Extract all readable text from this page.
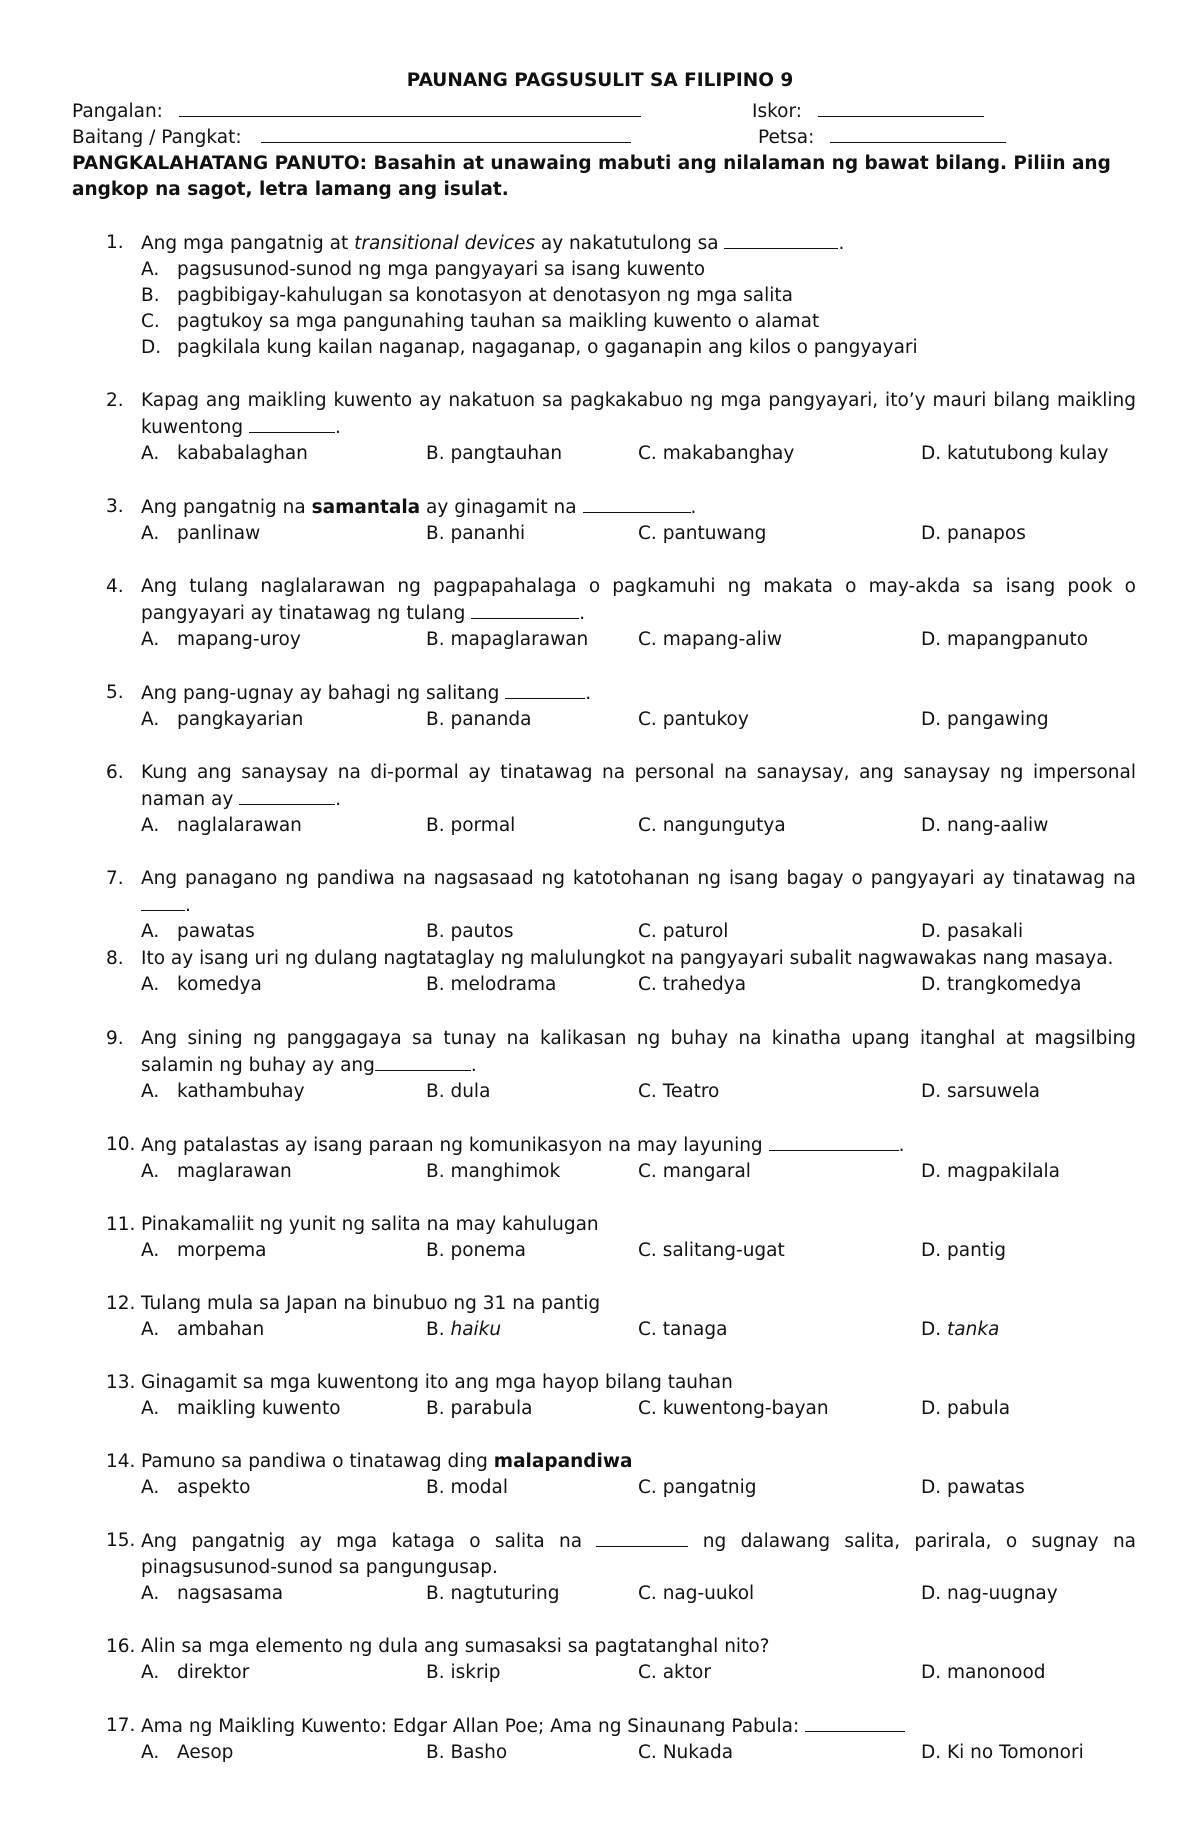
PAUNANG PAGSUSULIT SA FILIPINO 9
Pangalan:	Iskor:
Baitang / Pangkat:	Petsa:
PANGKALAHATANG PANUTO: Basahin at unawaing mabuti ang nilalaman ng bawat bilang. Piliin ang angkop na sagot, letra lamang ang isulat.
1. Ang mga pangatnig at transitional devices ay nakatutulong sa	.
A. pagsusunod-sunod ng mga pangyayari sa isang kuwento
B. pagbibigay-kahulugan sa konotasyon at denotasyon ng mga salita
C. pagtukoy sa mga pangunahing tauhan sa maikling kuwento o alamat
D. pagkilala kung kailan naganap, nagaganap, o gaganapin ang kilos o pangyayari
2. Kapag ang maikling kuwento ay nakatuon sa pagkakabuo ng mga pangyayari, ito’y mauri bilang maikling kuwentong	.
A. kababalaghan	B. pangtauhan	C. makabanghay	D. katutubong kulay
3. Ang pangatnig na samantala ay ginagamit na	.
A. panlinaw	B. pananhi	C. pantuwang	D. panapos
4. Ang tulang naglalarawan ng pagpapahalaga o pagkamuhi ng makata o may-akda sa isang pook o pangyayari ay tinatawag ng tulang	.
A. mapang-uroy	B. mapaglarawan	C. mapang-aliw	D. mapangpanuto
5. Ang pang-ugnay ay bahagi ng salitang	.
A. pangkayarian	B. pananda	C. pantukoy	D. pangawing
6. Kung ang sanaysay na di-pormal ay tinatawag na personal na sanaysay, ang sanaysay ng impersonal naman ay	.
A. naglalarawan	B. pormal	C. nangungutya	D. nang-aaliw
7. Ang panagano ng pandiwa na nagsasaad ng katotohanan ng isang bagay o pangyayari ay tinatawag na .
A. pawatas	B. pautos	C. paturol	D. pasakali
8. Ito ay isang uri ng dulang nagtataglay ng malulungkot na pangyayari subalit nagwawakas nang masaya.
A. komedya	B. melodrama	C. trahedya	D. trangkomedya
9. Ang sining ng panggagaya sa tunay na kalikasan ng buhay na kinatha upang itanghal at magsilbing salamin ng buhay ay ang	.
A. kathambuhay	B. dula	C. Teatro	D. sarsuwela
10. Ang patalastas ay isang paraan ng komunikasyon na may layuning	.
A. maglarawan	B. manghimok	C. mangaral	D. magpakilala
11. Pinakamaliit ng yunit ng salita na may kahulugan
A. morpema	B. ponema	C. salitang-ugat	D. pantig
12. Tulang mula sa Japan na binubuo ng 31 na pantig
A. ambahan	B. haiku	C. tanaga	D. tanka
13. Ginagamit sa mga kuwentong ito ang mga hayop bilang tauhan
A. maikling kuwento	B. parabula	C. kuwentong-bayan	D. pabula
14. Pamuno sa pandiwa o tinatawag ding malapandiwa
A. aspekto	B. modal	C. pangatnig	D. pawatas
15. Ang pangatnig ay mga kataga o salita na	ng dalawang salita, parirala, o sugnay na pinagsusunod-sunod sa pangungusap.
A. nagsasama	B. nagtuturing	C. nag-uukol	D. nag-uugnay
16. Alin sa mga elemento ng dula ang sumasaksi sa pagtatanghal nito?
A. direktor	B. iskrip	C. aktor	D. manonood
17. Ama ng Maikling Kuwento: Edgar Allan Poe; Ama ng Sinaunang Pabula:
A. Aesop	B. Basho	C. Nukada	D. Ki no Tomonori
